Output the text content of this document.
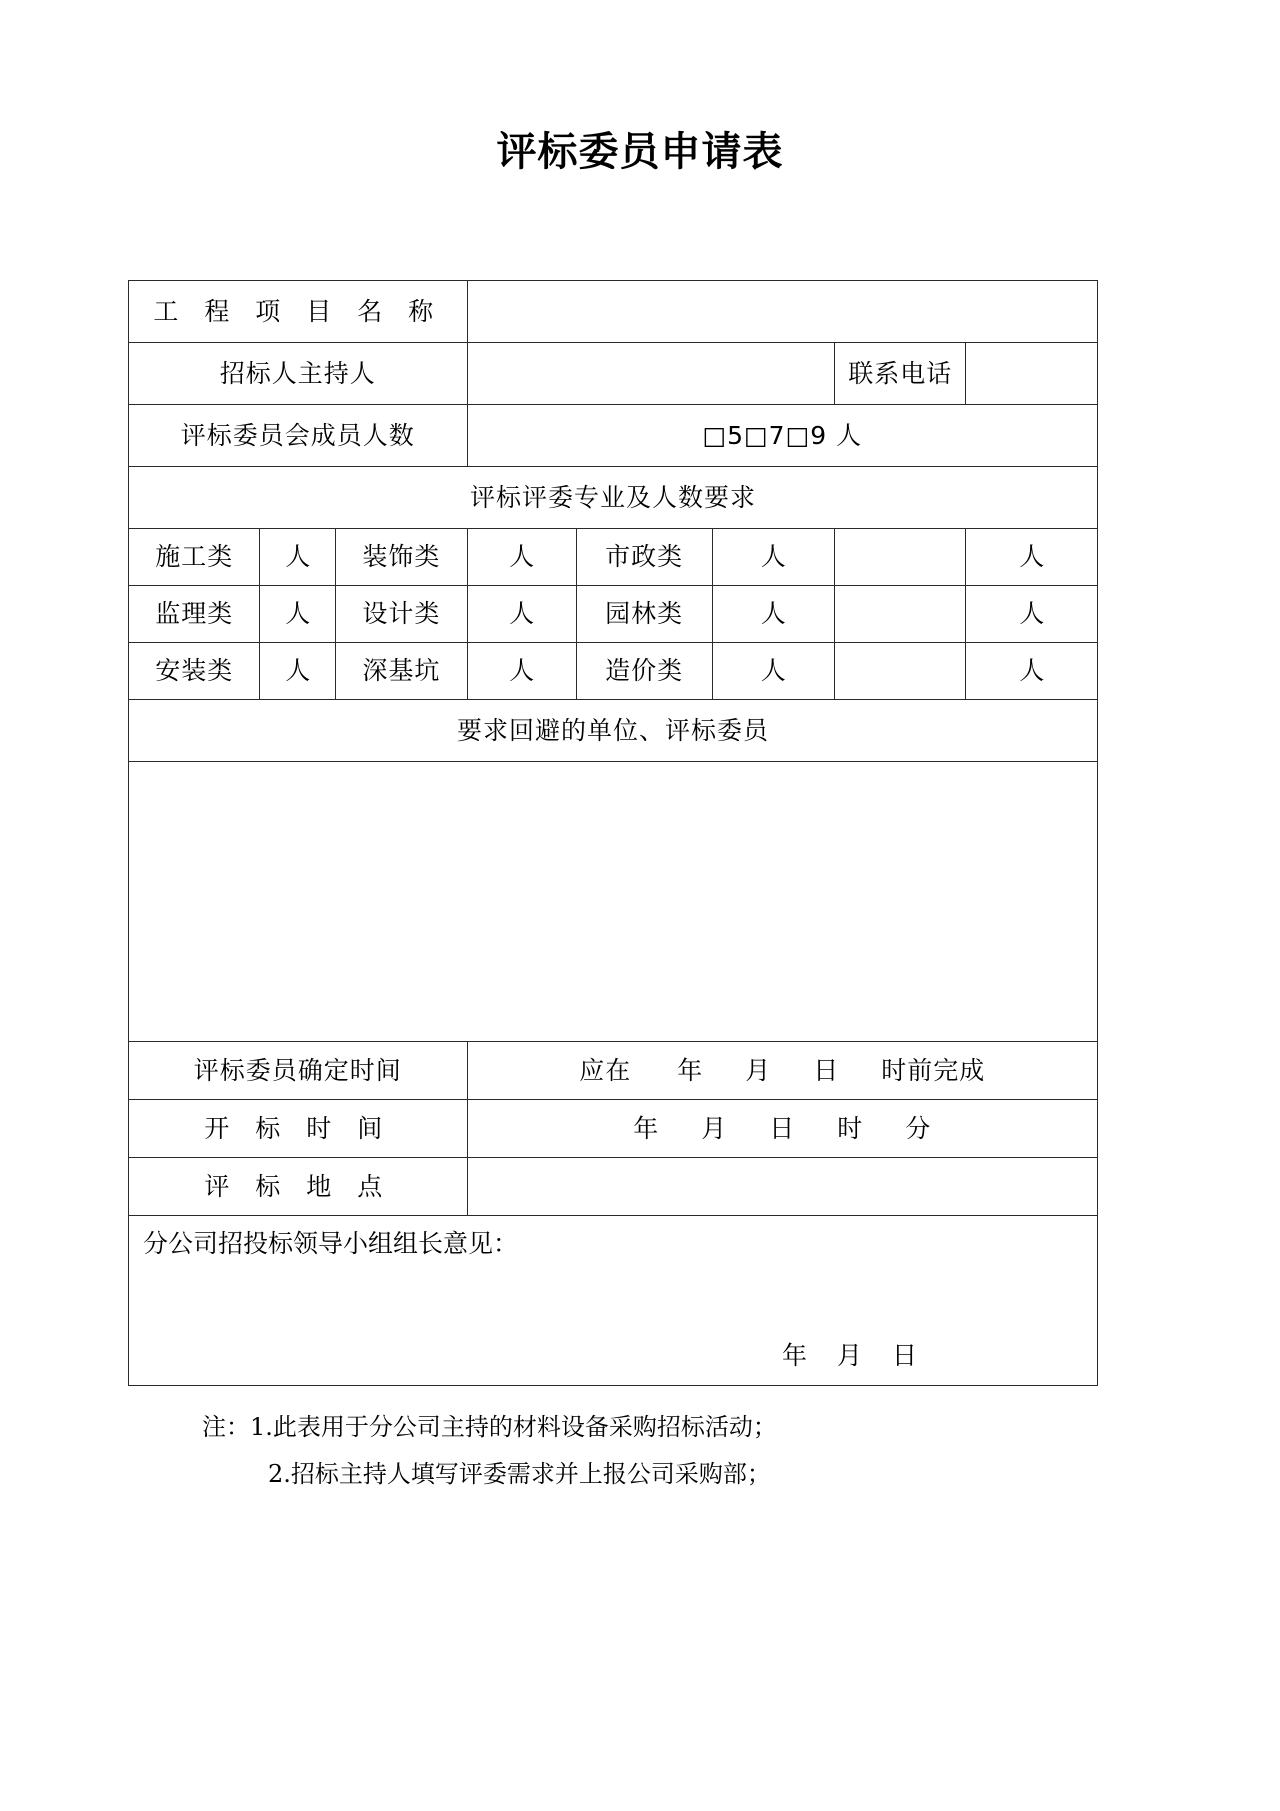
评标委员申请表
工 程 项 目 名 称							
招标人主持人						联系电话	
评标委员会成员人数			□5□7□9 人				
评标评委专业及人数要求							
施工类	人	装饰类	人	市政类	人		人
监理类	人	设计类	人	园林类	人		人
安装类	人	深基坑	人	造价类	人		人
要求回避的单位、评标委员							

评标委员确定时间			应在 年 月 日 时前完成				
开 标 时 间			年 月 日 时 分				
评 标 地 点							

分公司招投标领导小组组长意见：
年 月 日							
注：1.此表用于分公司主持的材料设备采购招标活动；
2.招标主持人填写评委需求并上报公司采购部；
